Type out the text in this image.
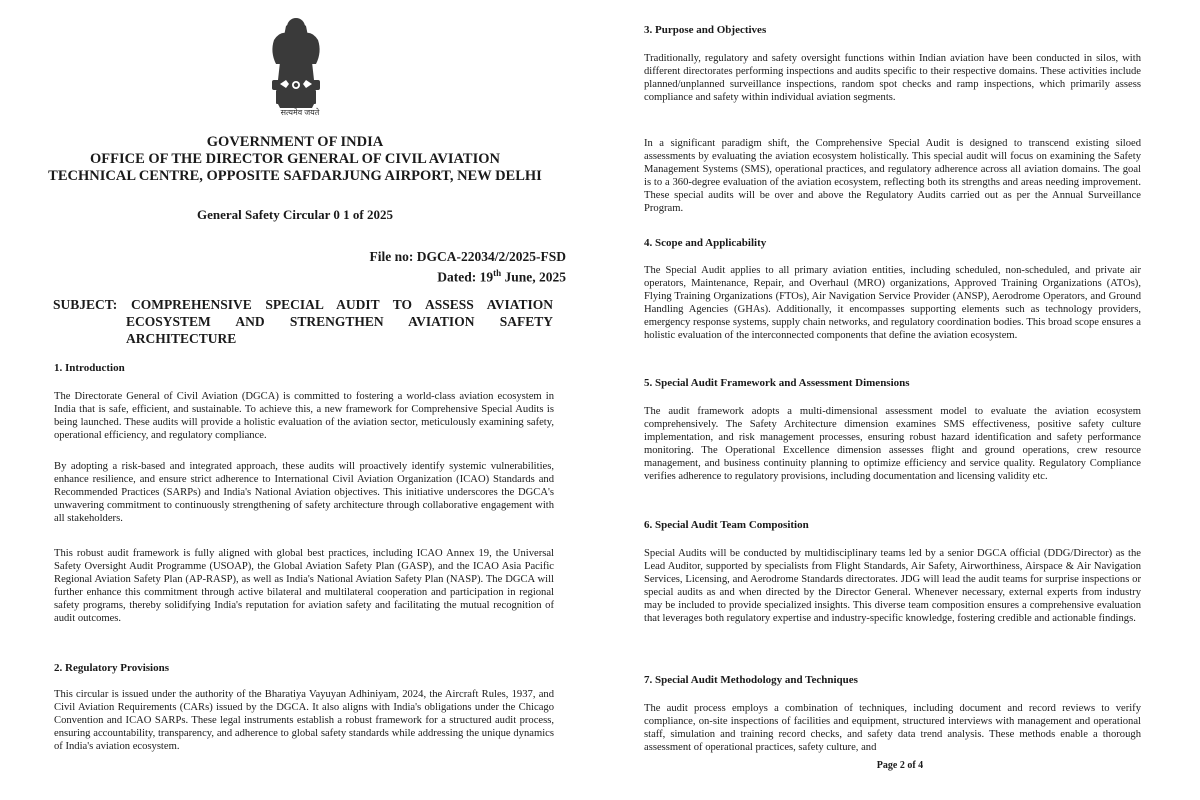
सत्यमेव जयते
GOVERNMENT OF INDIA
OFFICE OF THE DIRECTOR GENERAL OF CIVIL AVIATION
TECHNICAL CENTRE, OPPOSITE SAFDARJUNG AIRPORT, NEW DELHI
General Safety Circular 0 1 of 2025
File no: DGCA-22034/2/2025-FSD
Dated: 19th June, 2025
SUBJECT: COMPREHENSIVE SPECIAL AUDIT TO ASSESS AVIATION
ECOSYSTEM AND STRENGTHEN AVIATION SAFETY
ARCHITECTURE
1. Introduction
The Directorate General of Civil Aviation (DGCA) is committed to fostering a world-class aviation ecosystem in India that is safe, efficient, and sustainable. To achieve this, a new framework for Comprehensive Special Audits is being launched. These audits will provide a holistic evaluation of the aviation sector, meticulously examining safety, operational efficiency, and regulatory compliance.
By adopting a risk-based and integrated approach, these audits will proactively identify systemic vulnerabilities, enhance resilience, and ensure strict adherence to International Civil Aviation Organization (ICAO) Standards and Recommended Practices (SARPs) and India's National Aviation objectives. This initiative underscores the DGCA's unwavering commitment to continuously strengthening of safety architecture through collaborative engagement with all stakeholders.
This robust audit framework is fully aligned with global best practices, including ICAO Annex 19, the Universal Safety Oversight Audit Programme (USOAP), the Global Aviation Safety Plan (GASP), and the ICAO Asia Pacific Regional Aviation Safety Plan (AP-RASP), as well as India's National Aviation Safety Plan (NASP). The DGCA will further enhance this commitment through active bilateral and multilateral cooperation and participation in regional safety programs, thereby solidifying India's reputation for aviation safety and facilitating the mutual recognition of audit outcomes.
2. Regulatory Provisions
This circular is issued under the authority of the Bharatiya Vayuyan Adhiniyam, 2024, the Aircraft Rules, 1937, and Civil Aviation Requirements (CARs) issued by the DGCA. It also aligns with India's obligations under the Chicago Convention and ICAO SARPs. These legal instruments establish a robust framework for a structured audit process, ensuring accountability, transparency, and adherence to global safety standards while addressing the unique dynamics of India's aviation ecosystem.
3. Purpose and Objectives
Traditionally, regulatory and safety oversight functions within Indian aviation have been conducted in silos, with different directorates performing inspections and audits specific to their respective domains. These activities include planned/unplanned surveillance inspections, random spot checks and ramp inspections, which primarily assess compliance and safety within individual aviation segments.
In a significant paradigm shift, the Comprehensive Special Audit is designed to transcend existing siloed assessments by evaluating the aviation ecosystem holistically. This special audit will focus on examining the Safety Management Systems (SMS), operational practices, and regulatory adherence across all aviation domains. The goal is to a 360-degree evaluation of the aviation ecosystem, reflecting both its strengths and areas needing improvement. These special audits will be over and above the Regulatory Audits carried out as per the Annual Surveillance Program.
4. Scope and Applicability
The Special Audit applies to all primary aviation entities, including scheduled, non-scheduled, and private air operators, Maintenance, Repair, and Overhaul (MRO) organizations, Approved Training Organizations (ATOs), Flying Training Organizations (FTOs), Air Navigation Service Provider (ANSP), Aerodrome Operators, and Ground Handling Agencies (GHAs). Additionally, it encompasses supporting elements such as technology providers, emergency response systems, supply chain networks, and regulatory coordination bodies. This broad scope ensures a holistic evaluation of the interconnected components that define the aviation ecosystem.
5. Special Audit Framework and Assessment Dimensions
The audit framework adopts a multi-dimensional assessment model to evaluate the aviation ecosystem comprehensively. The Safety Architecture dimension examines SMS effectiveness, positive safety culture implementation, and risk management processes, ensuring robust hazard identification and safety performance monitoring. The Operational Excellence dimension assesses flight and ground operations, crew resource management, and business continuity planning to optimize efficiency and service quality. Regulatory Compliance verifies adherence to regulatory provisions, including documentation and licensing validity etc.
6. Special Audit Team Composition
Special Audits will be conducted by multidisciplinary teams led by a senior DGCA official (DDG/Director) as the Lead Auditor, supported by specialists from Flight Standards, Air Safety, Airworthiness, Airspace & Air Navigation Services, Licensing, and Aerodrome Standards directorates. JDG will lead the audit teams for surprise inspections or special audits as and when directed by the Director General. Whenever necessary, external experts from industry may be included to provide specialized insights. This diverse team composition ensures a comprehensive evaluation that leverages both regulatory expertise and industry-specific knowledge, fostering credible and actionable findings.
7. Special Audit Methodology and Techniques
The audit process employs a combination of techniques, including document and record reviews to verify compliance, on-site inspections of facilities and equipment, structured interviews with management and operational staff, simulation and training record checks, and safety data trend analysis. These methods enable a thorough assessment of operational practices, safety culture, and
Page 2 of 4
